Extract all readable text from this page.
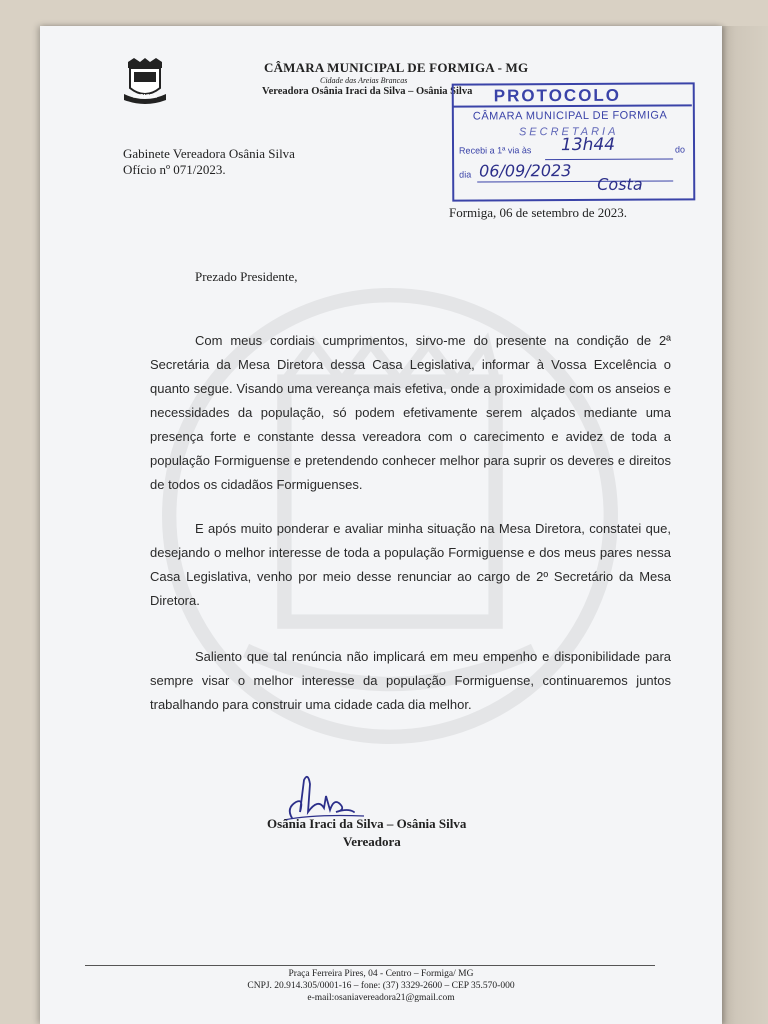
FORMIGA
CÂMARA MUNICIPAL DE FORMIGA - MG
Cidade das Areias Brancas
Vereadora Osânia Iraci da Silva – Osânia Silva PROTOCOLO
CÂMARA MUNICIPAL DE FORMIGA
SECRETARIA
Recebi a 1ª via às	do
13h44
dia 06/09/2023
Costa
Gabinete Vereadora Osânia Silva
Ofício nº 071/2023.
Formiga, 06 de setembro de 2023.
Prezado Presidente,
Com meus cordiais cumprimentos, sirvo-me do presente na condição de 2ª Secretária da Mesa Diretora dessa Casa Legislativa, informar à Vossa Excelência o quanto segue. Visando uma vereança mais efetiva, onde a proximidade com os anseios e necessidades da população, só podem efetivamente serem alçados mediante uma presença forte e constante dessa vereadora com o carecimento e avidez de toda a população Formiguense e pretendendo conhecer melhor para suprir os deveres e direitos de todos os cidadãos Formiguenses.
E após muito ponderar e avaliar minha situação na Mesa Diretora, constatei que, desejando o melhor interesse de toda a população Formiguense e dos meus pares nessa Casa Legislativa, venho por meio desse renunciar ao cargo de 2º Secretário da Mesa Diretora.
Saliento que tal renúncia não implicará em meu empenho e disponibilidade para sempre visar o melhor interesse da população Formiguense, continuaremos juntos trabalhando para construir uma cidade cada dia melhor.
Osânia Iraci da Silva – Osânia Silva
Vereadora
Praça Ferreira Pires, 04 - Centro – Formiga/ MG
CNPJ. 20.914.305/0001-16 – fone: (37) 3329-2600 – CEP 35.570-000
e-mail:osaniavereadora21@gmail.com
